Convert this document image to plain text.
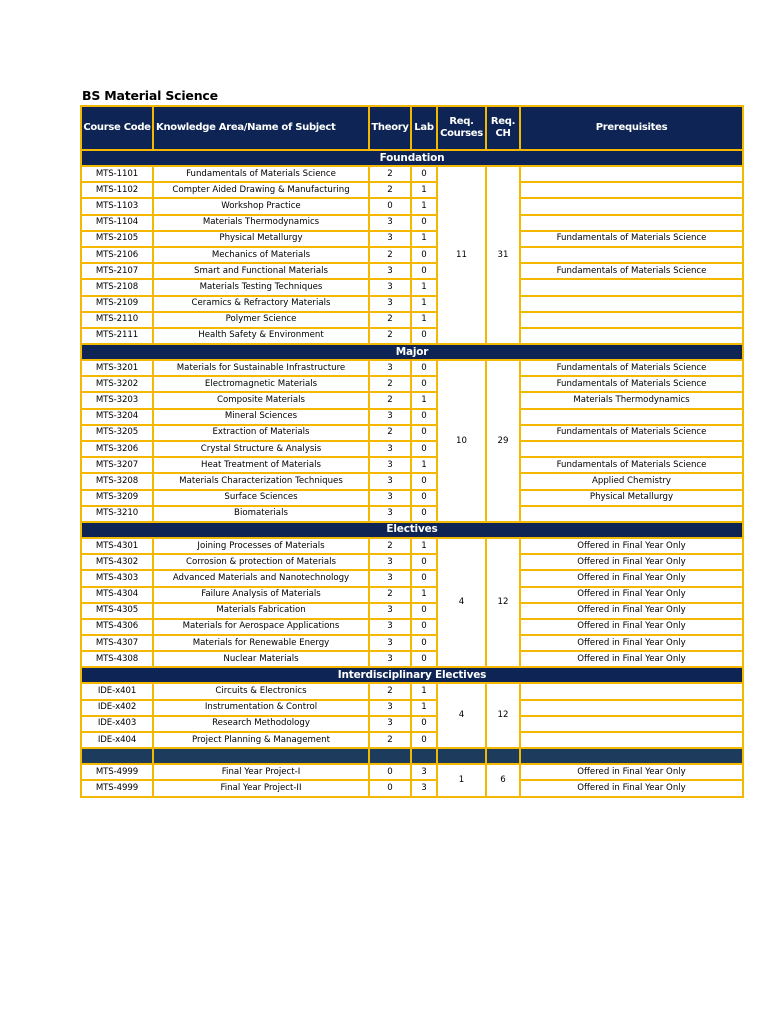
BS Material Science
Course Code	Knowledge Area/Name of Subject	Theory	Lab	Req. Courses	Req. CH	Prerequisites
Foundation						
MTS-1101	Fundamentals of Materials Science	2	0	11	31	
MTS-1102	Compter Aided Drawing & Manufacturing	2	1			
MTS-1103	Workshop Practice	0	1			
MTS-1104	Materials Thermodynamics	3	0			
MTS-2105	Physical Metallurgy	3	1			Fundamentals of Materials Science
MTS-2106	Mechanics of Materials	2	0			
MTS-2107	Smart and Functional Materials	3	0			Fundamentals of Materials Science
MTS-2108	Materials Testing Techniques	3	1			
MTS-2109	Ceramics & Refractory Materials	3	1			
MTS-2110	Polymer Science	2	1			
MTS-2111	Health Safety & Environment	2	0			
Major						
MTS-3201	Materials for Sustainable Infrastructure	3	0	10	29	Fundamentals of Materials Science
MTS-3202	Electromagnetic Materials	2	0			Fundamentals of Materials Science
MTS-3203	Composite Materials	2	1			Materials Thermodynamics
MTS-3204	Mineral Sciences	3	0			
MTS-3205	Extraction of Materials	2	0			Fundamentals of Materials Science
MTS-3206	Crystal Structure & Analysis	3	0			
MTS-3207	Heat Treatment of Materials	3	1			Fundamentals of Materials Science
MTS-3208	Materials Characterization Techniques	3	0			Applied Chemistry
MTS-3209	Surface Sciences	3	0			Physical Metallurgy
MTS-3210	Biomaterials	3	0			
Electives						
MTS-4301	Joining Processes of Materials	2	1	4	12	Offered in Final Year Only
MTS-4302	Corrosion & protection of Materials	3	0			Offered in Final Year Only
MTS-4303	Advanced Materials and Nanotechnology	3	0			Offered in Final Year Only
MTS-4304	Failure Analysis of Materials	2	1			Offered in Final Year Only
MTS-4305	Materials Fabrication	3	0			Offered in Final Year Only
MTS-4306	Materials for Aerospace Applications	3	0			Offered in Final Year Only
MTS-4307	Materials for Renewable Energy	3	0			Offered in Final Year Only
MTS-4308	Nuclear Materials	3	0			Offered in Final Year Only
Interdisciplinary Electives						
IDE-x401	Circuits & Electronics	2	1	4	12	
IDE-x402	Instrumentation & Control	3	1			
IDE-x403	Research Methodology	3	0			
IDE-x404	Project Planning & Management	2	0			

MTS-4999	Final Year Project-I	0	3	1	6	Offered in Final Year Only
MTS-4999	Final Year Project-II	0	3			Offered in Final Year Only
